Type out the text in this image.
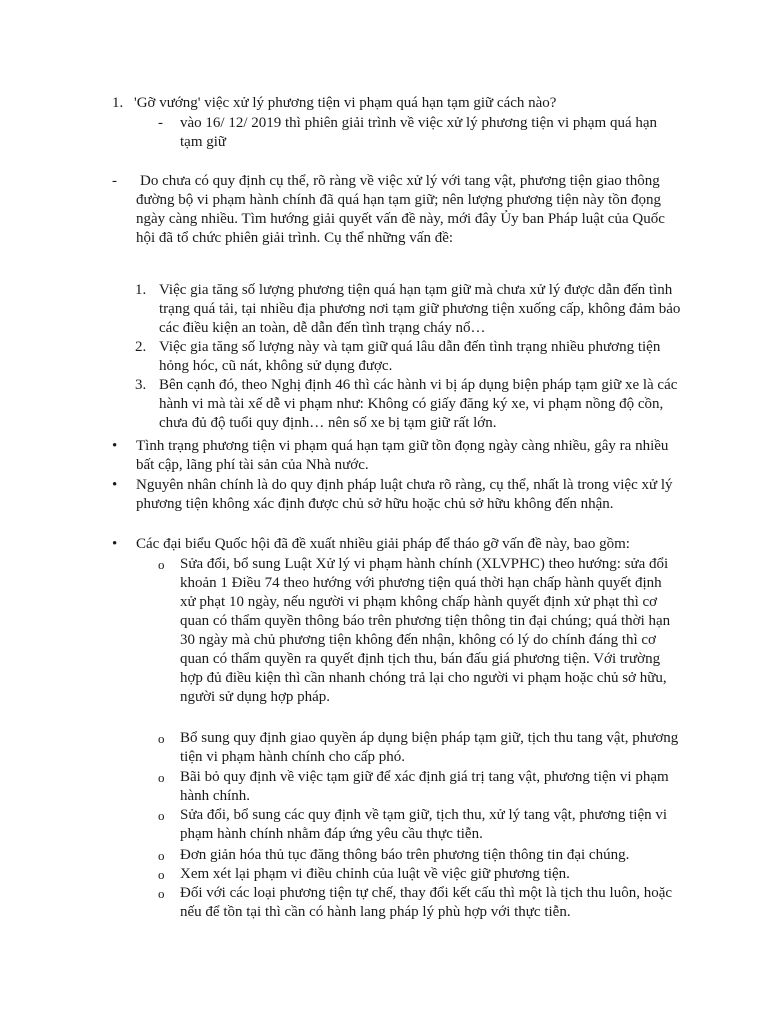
1. 'Gỡ vướng' việc xử lý phương tiện vi phạm quá hạn tạm giữ cách nào?
- vào 16/ 12/ 2019 thì phiên giải trình về việc xử lý phương tiện vi phạm quá hạn tạm giữ
- Do chưa có quy định cụ thể, rõ ràng về việc xử lý với tang vật, phương tiện giao thông đường bộ vi phạm hành chính đã quá hạn tạm giữ; nên lượng phương tiện này tồn đọng ngày càng nhiều. Tìm hướng giải quyết vấn đề này, mới đây Ủy ban Pháp luật của Quốc hội đã tổ chức phiên giải trình. Cụ thể những vấn đề:
1. Việc gia tăng số lượng phương tiện quá hạn tạm giữ mà chưa xử lý được dẫn đến tình trạng quá tải, tại nhiều địa phương nơi tạm giữ phương tiện xuống cấp, không đảm bảo các điều kiện an toàn, dễ dẫn đến tình trạng cháy nổ…
2. Việc gia tăng số lượng này và tạm giữ quá lâu dẫn đến tình trạng nhiều phương tiện hỏng hóc, cũ nát, không sử dụng được.
3. Bên cạnh đó, theo Nghị định 46 thì các hành vi bị áp dụng biện pháp tạm giữ xe là các hành vi mà tài xế dễ vi phạm như: Không có giấy đăng ký xe, vi phạm nồng độ cồn, chưa đủ độ tuổi quy định… nên số xe bị tạm giữ rất lớn.
• Tình trạng phương tiện vi phạm quá hạn tạm giữ tồn đọng ngày càng nhiều, gây ra nhiều bất cập, lãng phí tài sản của Nhà nước.
• Nguyên nhân chính là do quy định pháp luật chưa rõ ràng, cụ thể, nhất là trong việc xử lý phương tiện không xác định được chủ sở hữu hoặc chủ sở hữu không đến nhận.
• Các đại biểu Quốc hội đã đề xuất nhiều giải pháp để tháo gỡ vấn đề này, bao gồm:
o Sửa đổi, bổ sung Luật Xử lý vi phạm hành chính (XLVPHC) theo hướng: sửa đổi khoản 1 Điều 74 theo hướng với phương tiện quá thời hạn chấp hành quyết định xử phạt 10 ngày, nếu người vi phạm không chấp hành quyết định xử phạt thì cơ quan có thẩm quyền thông báo trên phương tiện thông tin đại chúng; quá thời hạn 30 ngày mà chủ phương tiện không đến nhận, không có lý do chính đáng thì cơ quan có thẩm quyền ra quyết định tịch thu, bán đấu giá phương tiện. Với trường hợp đủ điều kiện thì cần nhanh chóng trả lại cho người vi phạm hoặc chủ sở hữu, người sử dụng hợp pháp.
o Bổ sung quy định giao quyền áp dụng biện pháp tạm giữ, tịch thu tang vật, phương tiện vi phạm hành chính cho cấp phó.
o Bãi bỏ quy định về việc tạm giữ để xác định giá trị tang vật, phương tiện vi phạm hành chính.
o Sửa đổi, bổ sung các quy định về tạm giữ, tịch thu, xử lý tang vật, phương tiện vi phạm hành chính nhằm đáp ứng yêu cầu thực tiễn.
o Đơn giản hóa thủ tục đăng thông báo trên phương tiện thông tin đại chúng.
o Xem xét lại phạm vi điều chỉnh của luật về việc giữ phương tiện.
o Đối với các loại phương tiện tự chế, thay đổi kết cấu thì một là tịch thu luôn, hoặc nếu để tồn tại thì cần có hành lang pháp lý phù hợp với thực tiễn.
